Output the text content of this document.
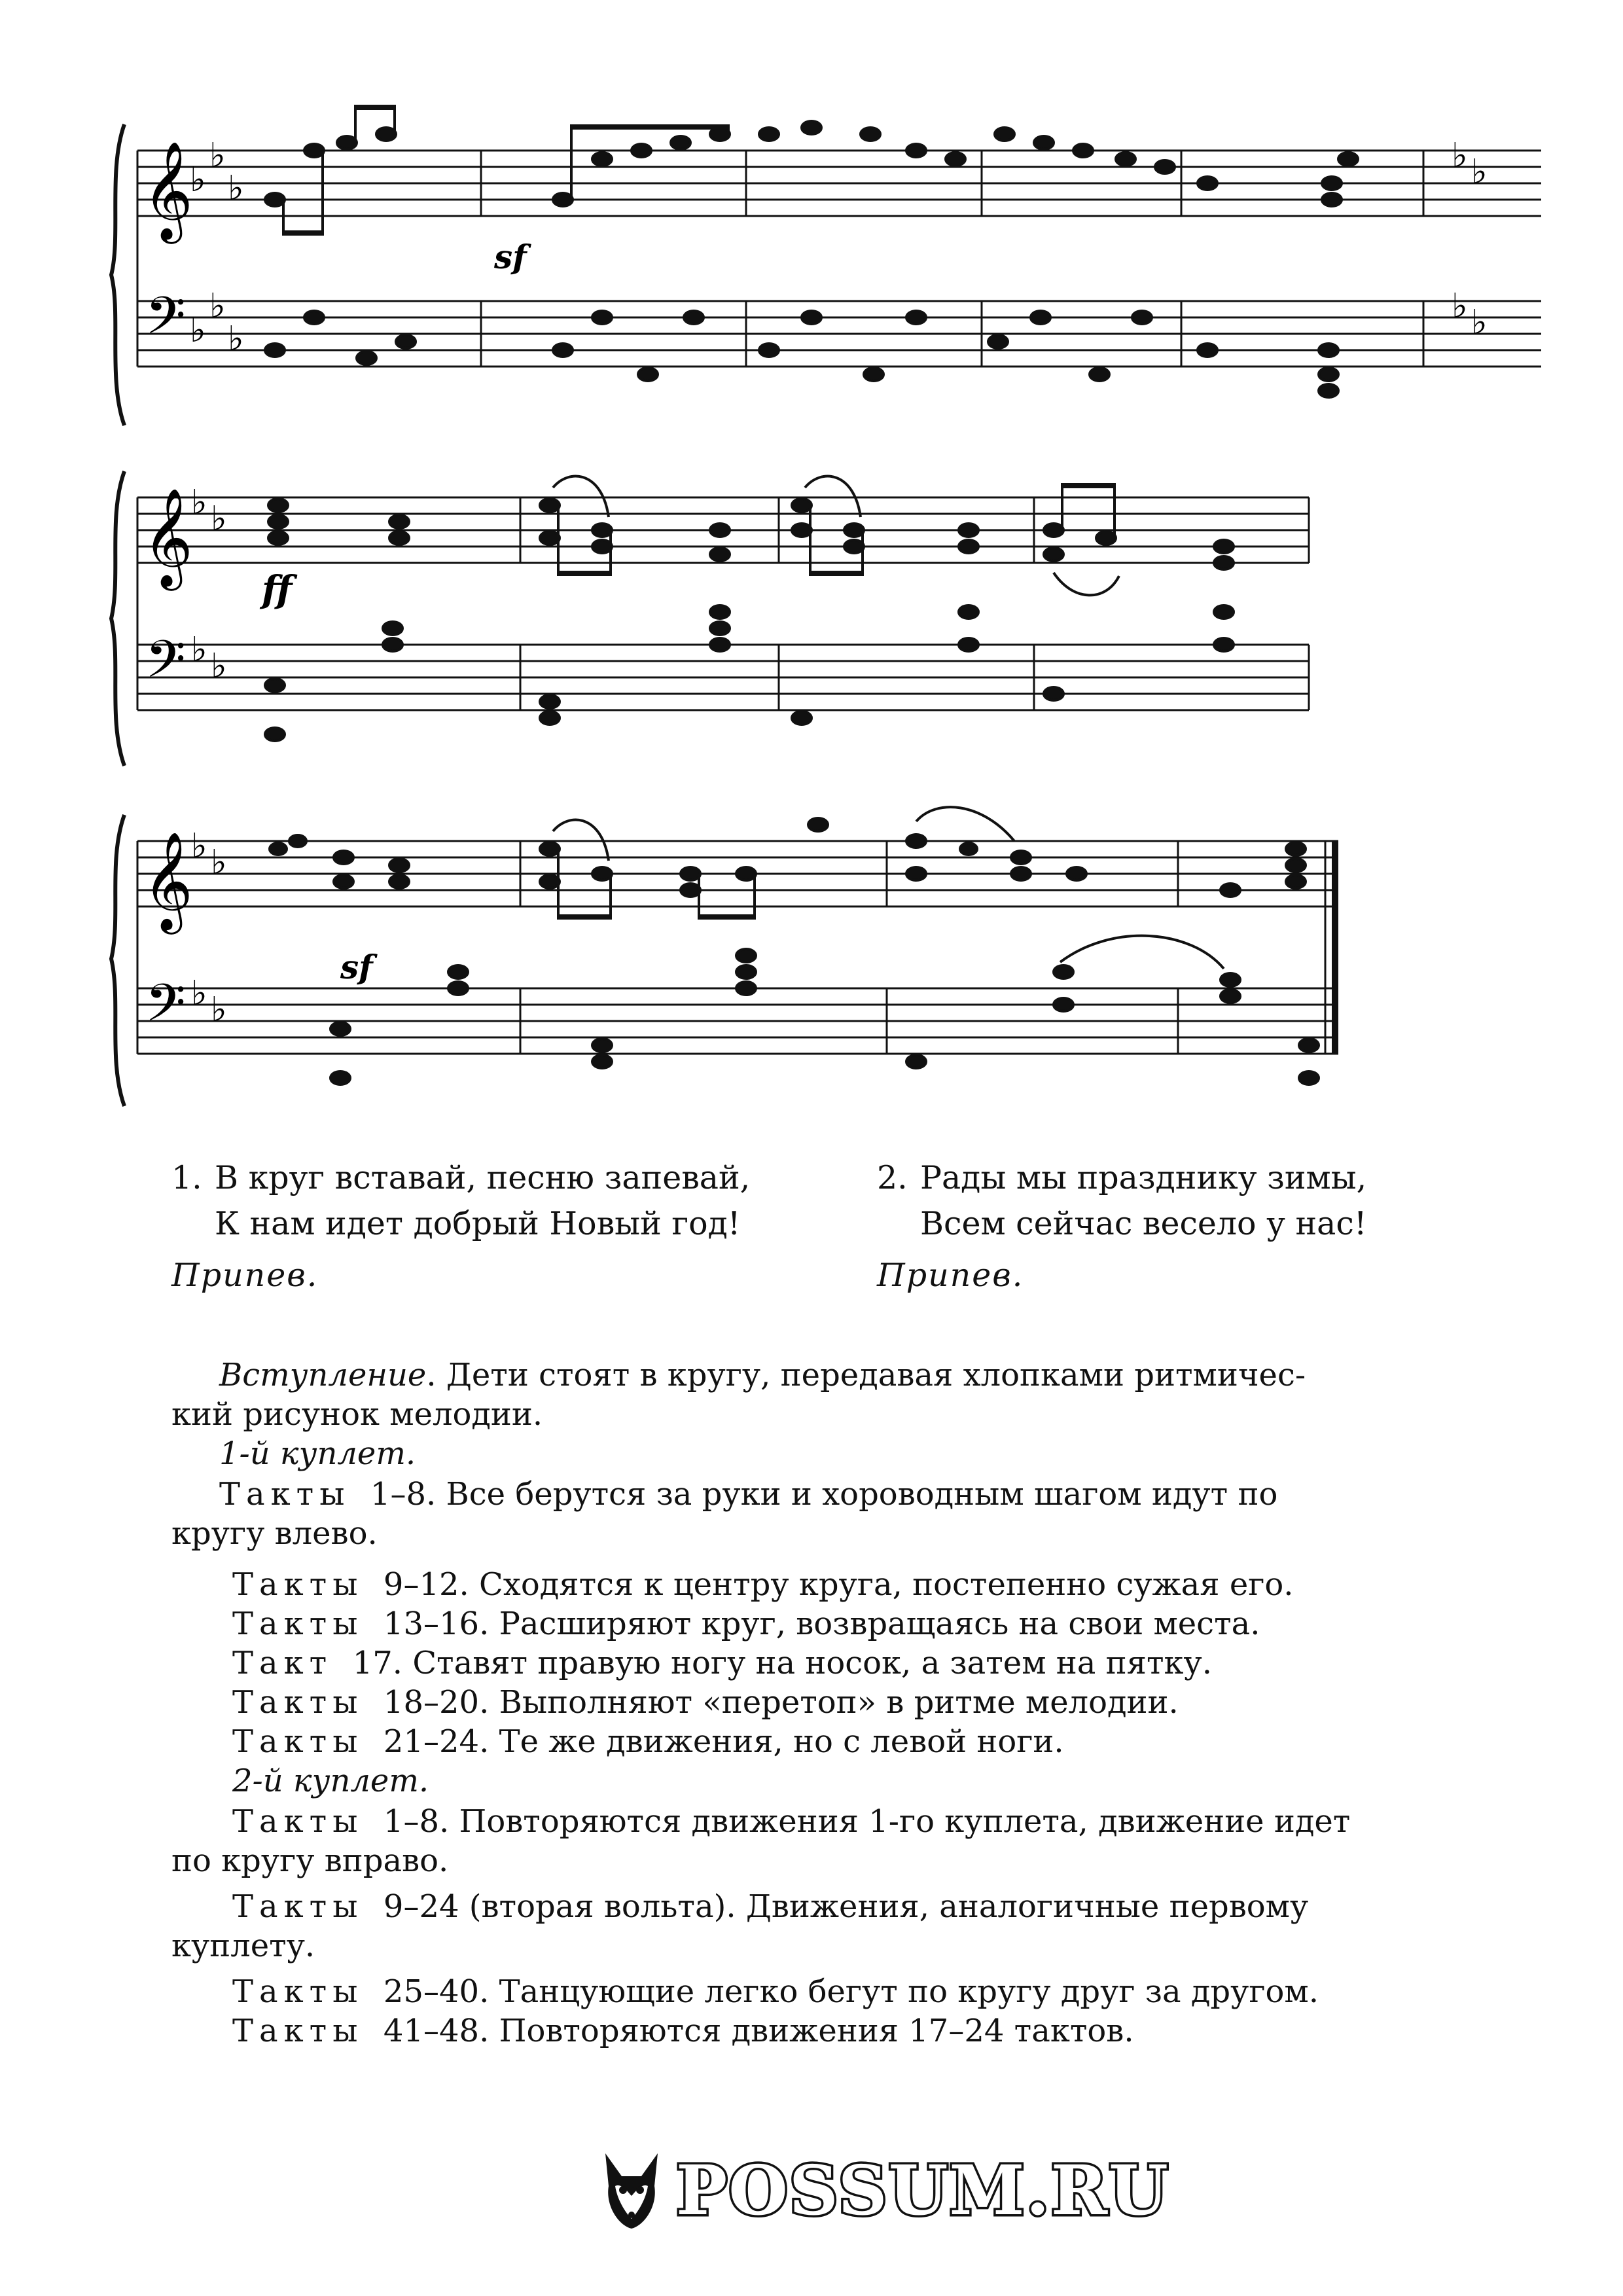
𝄞
𝄢
♭
♭
♭
♭
♭
♭
♭ ♭
♭ ♭
sf
𝄞
𝄢
♭ ♭
♭ ♭
ff
𝄞
𝄢
♭ ♭
♭ ♭
sf
1. В круг вставай, песню запевай,
К нам идет добрый Новый год!
Припев.
2. Рады мы празднику зимы,
Всем сейчас весело у нас!
Припев.

Вступление. Дети стоят в кругу, передавая хлопками ритмичес-

кий рисунок мелодии.

1-й куплет.

Такты 1–8. Все берутся за руки и хороводным шагом идут по

кругу влево.

Такты 9–12. Сходятся к центру круга, постепенно сужая его.

Такты 13–16. Расширяют круг, возвращаясь на свои места.

Такт 17. Ставят правую ногу на носок, а затем на пятку.

Такты 18–20. Выполняют «перетоп» в ритме мелодии.

Такты 21–24. Те же движения, но с левой ноги.

2-й куплет.

Такты 1–8. Повторяются движения 1-го куплета, движение идет

по кругу вправо.

Такты 9–24 (вторая вольта). Движения, аналогичные первому

куплету.

Такты 25–40. Танцующие легко бегут по кругу друг за другом.

Такты 41–48. Повторяются движения 17–24 тактов.

POSSUM.RU
